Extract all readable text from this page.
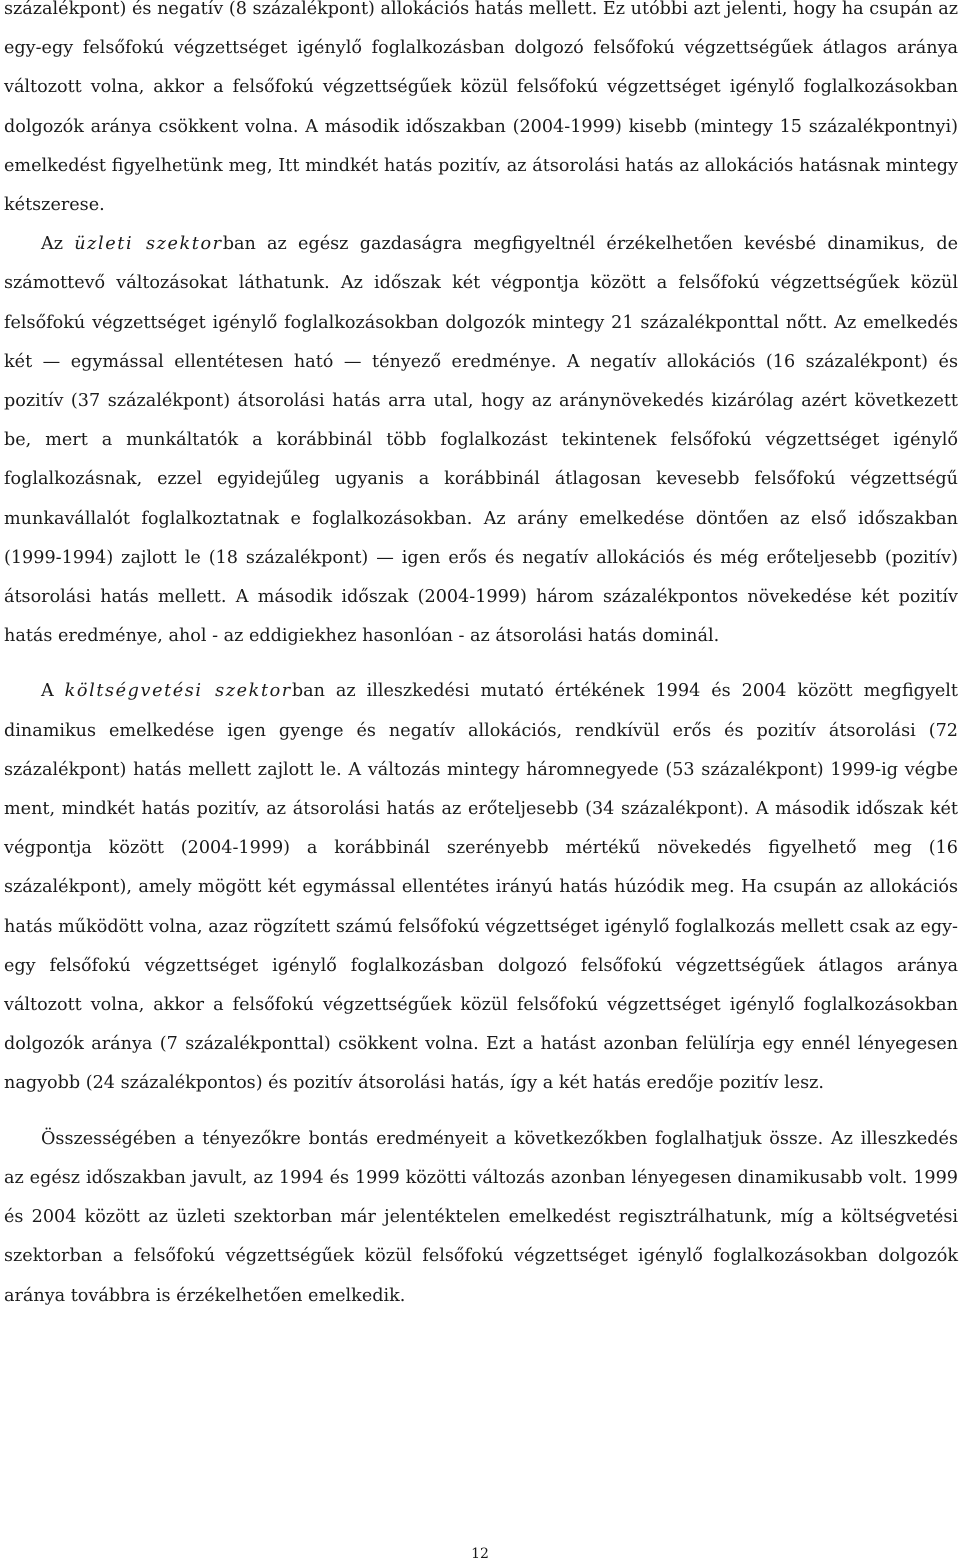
százalékpont) és negatív (8 százalékpont) allokációs hatás mellett. Ez utóbbi azt jelenti, hogy ha csupán az egy-egy felsőfokú végzettséget igénylő foglalkozásban dolgozó felsőfokú végzettségűek átlagos aránya változott volna, akkor a felsőfokú végzettségűek közül felsőfokú végzettséget igénylő foglalkozásokban dolgozók aránya csökkent volna. A második időszakban (2004-1999) kisebb (mintegy 15 százalékpontnyi) emelkedést figyelhetünk meg, Itt mindkét hatás pozitív, az átsorolási hatás az allokációs hatásnak mintegy kétszerese.

Az üzleti szektorban az egész gazdaságra megfigyeltnél érzékelhetően kevésbé dinamikus, de számottevő változásokat láthatunk. Az időszak két végpontja között a felsőfokú végzettségűek közül felsőfokú végzettséget igénylő foglalkozásokban dolgozók mintegy 21 százalékponttal nőtt. Az emelkedés két — egymással ellentétesen ható — tényező eredménye. A negatív allokációs (16 százalékpont) és pozitív (37 százalékpont) átsorolási hatás arra utal, hogy az aránynövekedés kizárólag azért következett be, mert a munkáltatók a korábbinál több foglalkozást tekintenek felsőfokú végzettséget igénylő foglalkozásnak, ezzel egyidejűleg ugyanis a korábbinál átlagosan kevesebb felsőfokú végzettségű munkavállalót foglalkoztatnak e foglalkozásokban. Az arány emelkedése döntően az első időszakban (1999-1994) zajlott le (18 százalékpont) — igen erős és negatív allokációs és még erőteljesebb (pozitív) átsorolási hatás mellett. A második időszak (2004-1999) három százalékpontos növekedése két pozitív hatás eredménye, ahol - az eddigiekhez hasonlóan - az átsorolási hatás dominál.

A költségvetési szektorban az illeszkedési mutató értékének 1994 és 2004 között megfigyelt dinamikus emelkedése igen gyenge és negatív allokációs, rendkívül erős és pozitív átsorolási (72 százalékpont) hatás mellett zajlott le. A változás mintegy háromnegyede (53 százalékpont) 1999-ig végbe ment, mindkét hatás pozitív, az átsorolási hatás az erőteljesebb (34 százalékpont). A második időszak két végpontja között (2004-1999) a korábbinál szerényebb mértékű növekedés figyelhető meg (16 százalékpont), amely mögött két egymással ellentétes irányú hatás húzódik meg. Ha csupán az allokációs hatás működött volna, azaz rögzített számú felsőfokú végzettséget igénylő foglalkozás mellett csak az egy-egy felsőfokú végzettséget igénylő foglalkozásban dolgozó felsőfokú végzettségűek átlagos aránya változott volna, akkor a felsőfokú végzettségűek közül felsőfokú végzettséget igénylő foglalkozásokban dolgozók aránya (7 százalékponttal) csökkent volna. Ezt a hatást azonban felülírja egy ennél lényegesen nagyobb (24 százalékpontos) és pozitív átsorolási hatás, így a két hatás eredője pozitív lesz.

Összességében a tényezőkre bontás eredményeit a következőkben foglalhatjuk össze. Az illeszkedés az egész időszakban javult, az 1994 és 1999 közötti változás azonban lényegesen dinamikusabb volt. 1999 és 2004 között az üzleti szektorban már jelentéktelen emelkedést regisztrálhatunk, míg a költségvetési szektorban a felsőfokú végzettségűek közül felsőfokú végzettséget igénylő foglalkozásokban dolgozók aránya továbbra is érzékelhetően emelkedik.

12
